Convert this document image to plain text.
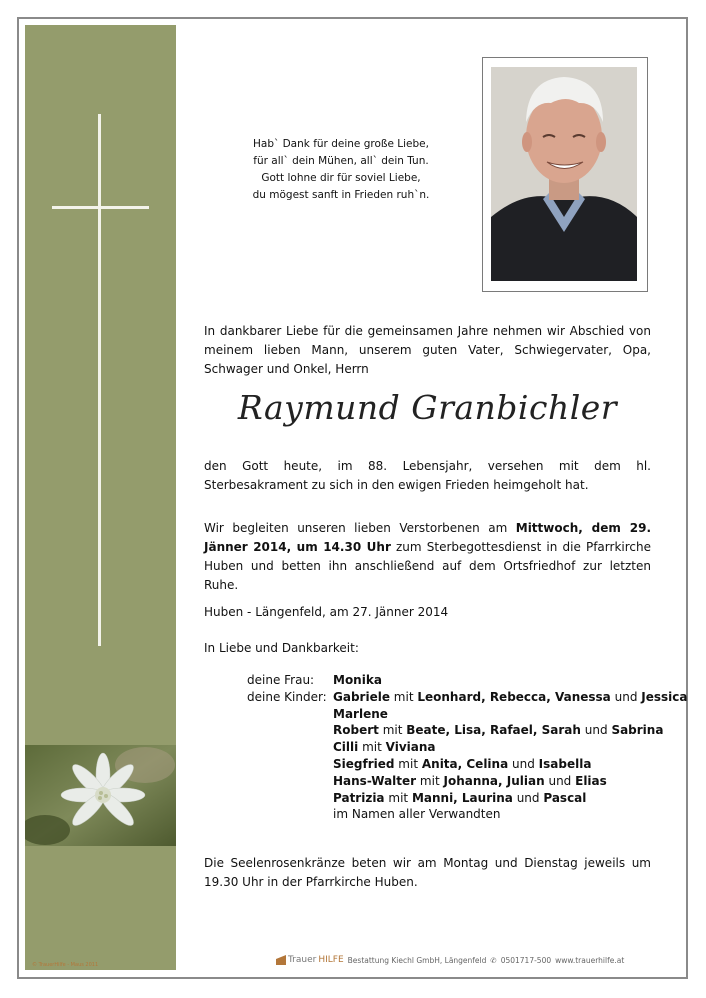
© TrauerHilfe - Maus 2011
Hab` Dank für deine große Liebe,
für all` dein Mühen, all` dein Tun.
Gott lohne dir für soviel Liebe,
du mögest sanft in Frieden ruh`n.
In dankbarer Liebe für die gemeinsamen Jahre nehmen wir Abschied von meinem lieben Mann, unserem guten Vater, Schwiegervater, Opa, Schwager und Onkel, Herrn
Raymund Granbichler
den Gott heute, im 88. Lebensjahr, versehen mit dem hl. Sterbesakrament zu sich in den ewigen Frieden heimgeholt hat.
Wir begleiten unseren lieben Verstorbenen am Mittwoch, dem 29. Jänner 2014, um 14.30 Uhr zum Sterbegottesdienst in die Pfarrkirche Huben und betten ihn anschließend auf dem Ortsfriedhof zur letzten Ruhe.
Huben - Längenfeld, am 27. Jänner 2014
In Liebe und Dankbarkeit:
deine Frau:
deine Kinder:
Monika
Gabriele mit Leonhard, Rebecca, Vanessa und Jessica
Marlene
Robert mit Beate, Lisa, Rafael, Sarah und Sabrina
Cilli mit Viviana
Siegfried mit Anita, Celina und Isabella
Hans-Walter mit Johanna, Julian und Elias
Patrizia mit Manni, Laurina und Pascal
im Namen aller Verwandten
Die Seelenrosenkränze beten wir am Montag und Dienstag jeweils um 19.30 Uhr in der Pfarrkirche Huben.
Trauer HILFE Bestattung Kiechl GmbH, Längenfeld ✆ 0501717-500 www.trauerhilfe.at
